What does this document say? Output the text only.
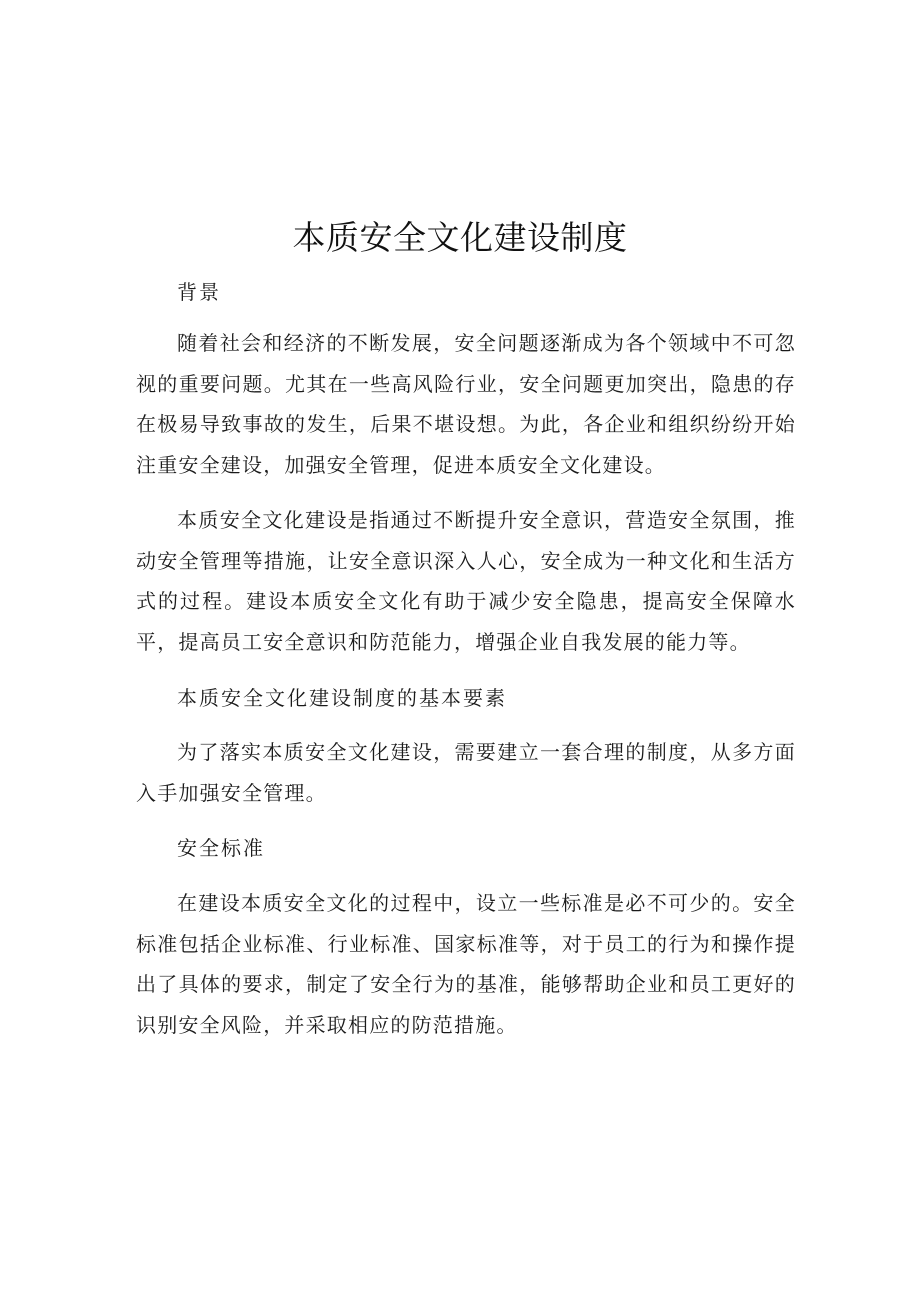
本质安全文化建设制度
背景

随着社会和经济的不断发展，安全问题逐渐成为各个领域中不可忽视的重要问题。尤其在一些高风险行业，安全问题更加突出，隐患的存在极易导致事故的发生，后果不堪设想。为此，各企业和组织纷纷开始注重安全建设，加强安全管理，促进本质安全文化建设。

本质安全文化建设是指通过不断提升安全意识，营造安全氛围，推动安全管理等措施，让安全意识深入人心，安全成为一种文化和生活方式的过程。建设本质安全文化有助于减少安全隐患，提高安全保障水平，提高员工安全意识和防范能力，增强企业自我发展的能力等。

本质安全文化建设制度的基本要素

为了落实本质安全文化建设，需要建立一套合理的制度，从多方面入手加强安全管理。

安全标准

在建设本质安全文化的过程中，设立一些标准是必不可少的。安全标准包括企业标准、行业标准、国家标准等，对于员工的行为和操作提出了具体的要求，制定了安全行为的基准，能够帮助企业和员工更好的识别安全风险，并采取相应的防范措施。
